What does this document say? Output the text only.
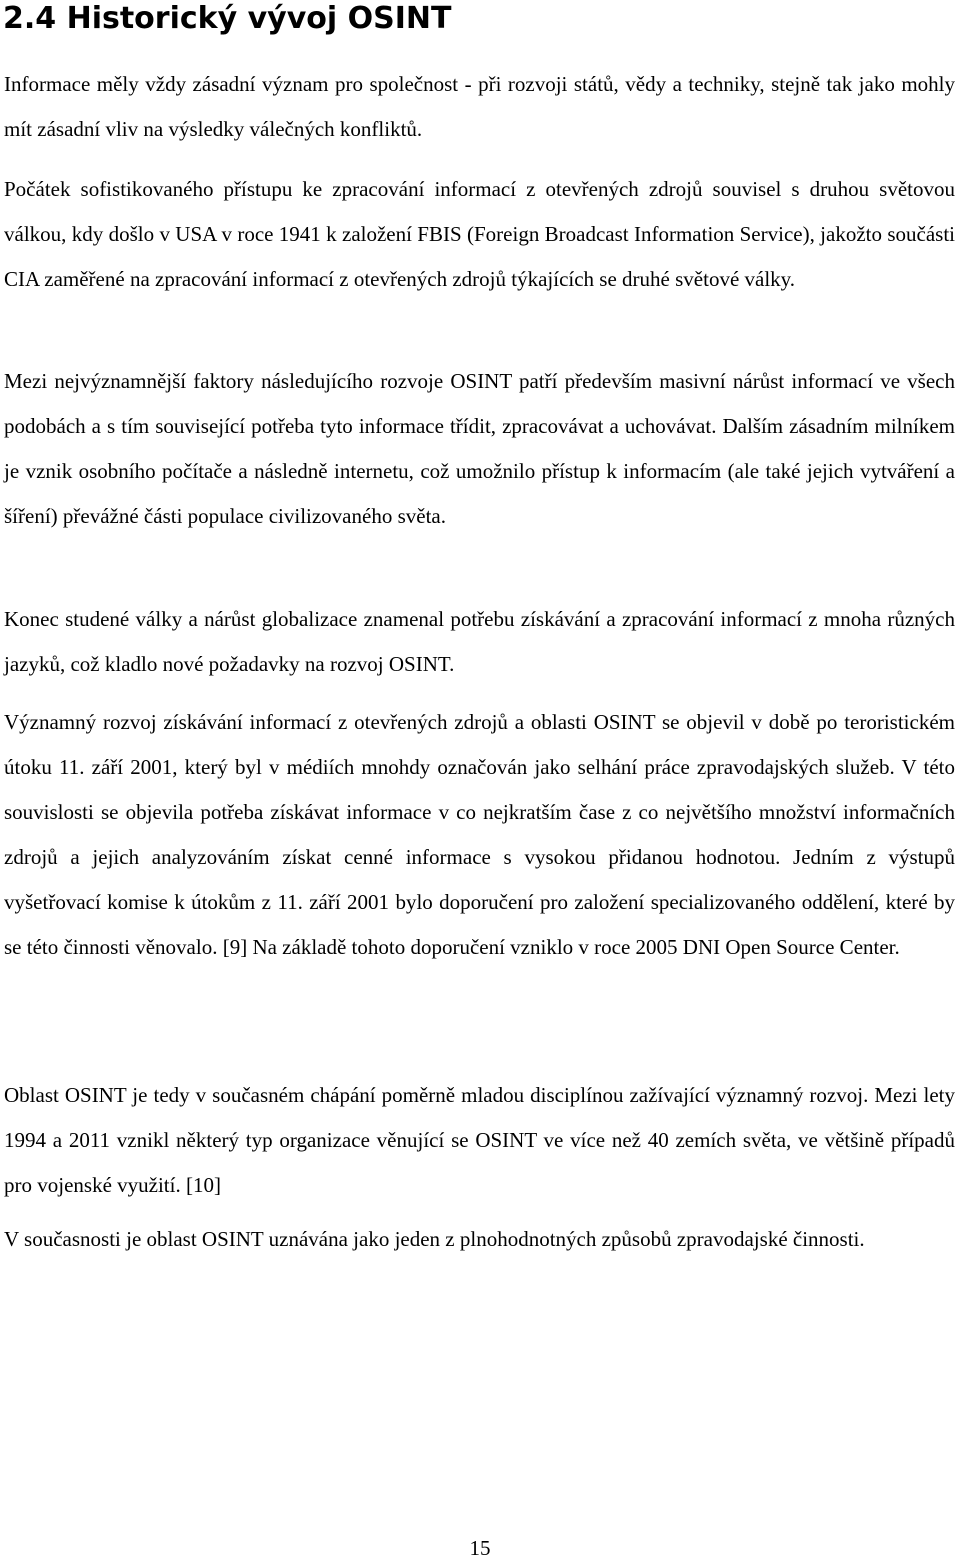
2.4 Historický vývoj OSINT

Informace měly vždy zásadní význam pro společnost - při rozvoji států, vědy a techniky, stejně tak jako mohly mít zásadní vliv na výsledky válečných konfliktů.

Počátek sofistikovaného přístupu ke zpracování informací z otevřených zdrojů souvisel s druhou světovou válkou, kdy došlo v USA v roce 1941 k založení FBIS (Foreign Broadcast Information Service), jakožto součásti CIA zaměřené na zpracování informací z otevřených zdrojů týkajících se druhé světové války.

Mezi nejvýznamnější faktory následujícího rozvoje OSINT patří především masivní nárůst informací ve všech podobách a s tím související potřeba tyto informace třídit, zpracovávat a uchovávat. Dalším zásadním milníkem je vznik osobního počítače a následně internetu, což umožnilo přístup k informacím (ale také jejich vytváření a šíření) převážné části populace civilizovaného světa.

Konec studené války a nárůst globalizace znamenal potřebu získávání a zpracování informací z mnoha různých jazyků, což kladlo nové požadavky na rozvoj OSINT.

Významný rozvoj získávání informací z otevřených zdrojů a oblasti OSINT se objevil v době po teroristickém útoku 11. září 2001, který byl v médiích mnohdy označován jako selhání práce zpravodajských služeb. V této souvislosti se objevila potřeba získávat informace v co nejkratším čase z co největšího množství informačních zdrojů a jejich analyzováním získat cenné informace s vysokou přidanou hodnotou. Jedním z výstupů vyšetřovací komise k útokům z 11. září 2001 bylo doporučení pro založení specializovaného oddělení, které by se této činnosti věnovalo. [9] Na základě tohoto doporučení vzniklo v roce 2005 DNI Open Source Center.

Oblast OSINT je tedy v současném chápání poměrně mladou disciplínou zažívající významný rozvoj. Mezi lety 1994 a 2011 vznikl některý typ organizace věnující se OSINT ve více než 40 zemích světa, ve většině případů pro vojenské využití. [10]

V současnosti je oblast OSINT uznávána jako jeden z plnohodnotných způsobů zpravodajské činnosti.

15
